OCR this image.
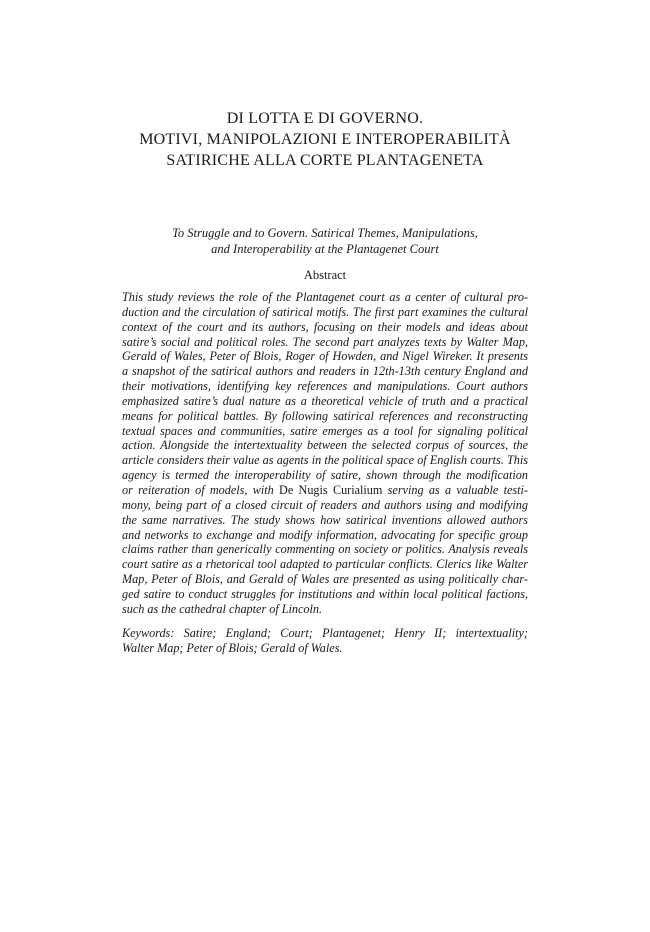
DI LOTTA E DI GOVERNO.
MOTIVI, MANIPOLAZIONI E INTEROPERABILITÀ
SATIRICHE ALLA CORTE PLANTAGENETA
To Struggle and to Govern. Satirical Themes, Manipulations,
and Interoperability at the Plantagenet Court
Abstract
This study reviews the role of the Plantagenet court as a center of cultural pro-
duction and the circulation of satirical motifs. The first part examines the cultural
context of the court and its authors, focusing on their models and ideas about
satire’s social and political roles. The second part analyzes texts by Walter Map,
Gerald of Wales, Peter of Blois, Roger of Howden, and Nigel Wireker. It presents
a snapshot of the satirical authors and readers in 12th-13th century England and
their motivations, identifying key references and manipulations. Court authors
emphasized satire’s dual nature as a theoretical vehicle of truth and a practical
means for political battles. By following satirical references and reconstructing
textual spaces and communities, satire emerges as a tool for signaling political
action. Alongside the intertextuality between the selected corpus of sources, the
article considers their value as agents in the political space of English courts. This
agency is termed the interoperability of satire, shown through the modification
or reiteration of models, with De Nugis Curialium serving as a valuable testi-
mony, being part of a closed circuit of readers and authors using and modifying
the same narratives. The study shows how satirical inventions allowed authors
and networks to exchange and modify information, advocating for specific group
claims rather than generically commenting on society or politics. Analysis reveals
court satire as a rhetorical tool adapted to particular conflicts. Clerics like Walter
Map, Peter of Blois, and Gerald of Wales are presented as using politically char-
ged satire to conduct struggles for institutions and within local political factions,
such as the cathedral chapter of Lincoln.
Keywords: Satire; England; Court; Plantagenet; Henry II; intertextuality;
Walter Map; Peter of Blois; Gerald of Wales.
